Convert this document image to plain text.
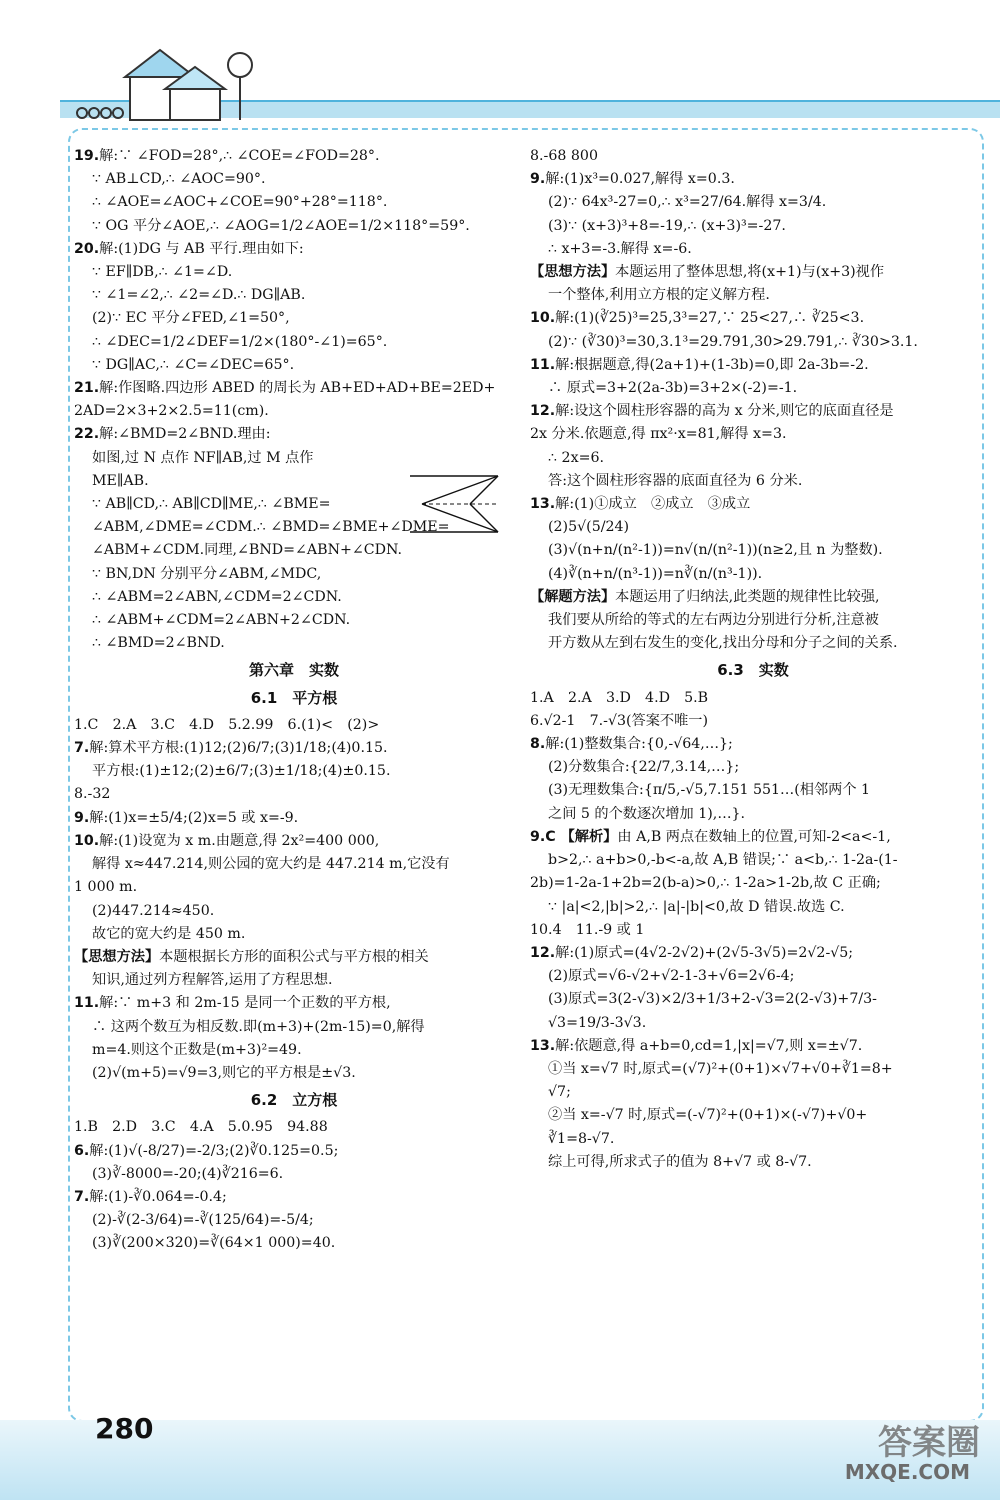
19.解:∵ ∠FOD=28°,∴ ∠COE=∠FOD=28°.
∵ AB⊥CD,∴ ∠AOC=90°.
∴ ∠AOE=∠AOC+∠COE=90°+28°=118°.
∵ OG 平分∠AOE,∴ ∠AOG=1/2∠AOE=1/2×118°=59°.
20.解:(1)DG 与 AB 平行.理由如下:
∵ EF∥DB,∴ ∠1=∠D.
∵ ∠1=∠2,∴ ∠2=∠D.∴ DG∥AB.
(2)∵ EC 平分∠FED,∠1=50°,
∴ ∠DEC=1/2∠DEF=1/2×(180°-∠1)=65°.
∵ DG∥AC,∴ ∠C=∠DEC=65°.
21.解:作图略.四边形 ABED 的周长为 AB+ED+AD+BE=2ED+
2AD=2×3+2×2.5=11(cm).
22.解:∠BMD=2∠BND.理由:
如图,过 N 点作 NF∥AB,过 M 点作
ME∥AB.
∵ AB∥CD,∴ AB∥CD∥ME,∴ ∠BME=
∠ABM,∠DME=∠CDM.∴ ∠BMD=∠BME+∠DME=
∠ABM+∠CDM.同理,∠BND=∠ABN+∠CDN.
∵ BN,DN 分别平分∠ABM,∠MDC,
∴ ∠ABM=2∠ABN,∠CDM=2∠CDN.
∴ ∠ABM+∠CDM=2∠ABN+2∠CDN.
∴ ∠BMD=2∠BND.
第六章　实数
6.1　平方根
1.C　2.A　3.C　4.D　5.2.99　6.(1)<　(2)>
7.解:算术平方根:(1)12;(2)6/7;(3)1/18;(4)0.15.
平方根:(1)±12;(2)±6/7;(3)±1/18;(4)±0.15.
8.-32
9.解:(1)x=±5/4;(2)x=5 或 x=-9.
10.解:(1)设宽为 x m.由题意,得 2x²=400 000,
解得 x≈447.214,则公园的宽大约是 447.214 m,它没有
1 000 m.
(2)447.214≈450.
故它的宽大约是 450 m.
【思想方法】本题根据长方形的面积公式与平方根的相关
知识,通过列方程解答,运用了方程思想.
11.解:∵ m+3 和 2m-15 是同一个正数的平方根,
∴ 这两个数互为相反数.即(m+3)+(2m-15)=0,解得
m=4.则这个正数是(m+3)²=49.
(2)√(m+5)=√9=3,则它的平方根是±√3.
6.2　立方根
1.B　2.D　3.C　4.A　5.0.95　94.88
6.解:(1)√(-8/27)=-2/3;(2)∛0.125=0.5;
(3)∛-8000=-20;(4)∛216=6.
7.解:(1)-∛0.064=-0.4;
(2)-∛(2-3/64)=-∛(125/64)=-5/4;
(3)∛(200×320)=∛(64×1 000)=40.
8.-68 800
9.解:(1)x³=0.027,解得 x=0.3.
(2)∵ 64x³-27=0,∴ x³=27/64.解得 x=3/4.
(3)∵ (x+3)³+8=-19,∴ (x+3)³=-27.
∴ x+3=-3.解得 x=-6.
【思想方法】本题运用了整体思想,将(x+1)与(x+3)视作
一个整体,利用立方根的定义解方程.
10.解:(1)(∛25)³=25,3³=27,∵ 25<27,∴ ∛25<3.
(2)∵ (∛30)³=30,3.1³=29.791,30>29.791,∴ ∛30>3.1.
11.解:根据题意,得(2a+1)+(1-3b)=0,即 2a-3b=-2.
∴ 原式=3+2(2a-3b)=3+2×(-2)=-1.
12.解:设这个圆柱形容器的高为 x 分米,则它的底面直径是
2x 分米.依题意,得 πx²·x=81,解得 x=3.
∴ 2x=6.
答:这个圆柱形容器的底面直径为 6 分米.
13.解:(1)①成立　②成立　③成立
(2)5√(5/24)
(3)√(n+n/(n²-1))=n√(n/(n²-1))(n≥2,且 n 为整数).
(4)∛(n+n/(n³-1))=n∛(n/(n³-1)).
【解题方法】本题运用了归纳法,此类题的规律性比较强,
我们要从所给的等式的左右两边分别进行分析,注意被
开方数从左到右发生的变化,找出分母和分子之间的关系.
6.3　实数
1.A　2.A　3.D　4.D　5.B
6.√2-1　7.-√3(答案不唯一)
8.解:(1)整数集合:{0,-√64,…};
(2)分数集合:{22/7,3.14,…};
(3)无理数集合:{π/5,-√5,7.151 551…(相邻两个 1
之间 5 的个数逐次增加 1),…}.
9.C 【解析】由 A,B 两点在数轴上的位置,可知-2<a<-1,
b>2,∴ a+b>0,-b<-a,故 A,B 错误;∵ a<b,∴ 1-2a-(1-
2b)=1-2a-1+2b=2(b-a)>0,∴ 1-2a>1-2b,故 C 正确;
∵ |a|<2,|b|>2,∴ |a|-|b|<0,故 D 错误.故选 C.
10.4　11.-9 或 1
12.解:(1)原式=(4√2-2√2)+(2√5-3√5)=2√2-√5;
(2)原式=√6-√2+√2-1-3+√6=2√6-4;
(3)原式=3(2-√3)×2/3+1/3+2-√3=2(2-√3)+7/3-
√3=19/3-3√3.
13.解:依题意,得 a+b=0,cd=1,|x|=√7,则 x=±√7.
①当 x=√7 时,原式=(√7)²+(0+1)×√7+√0+∛1=8+
√7;
②当 x=-√7 时,原式=(-√7)²+(0+1)×(-√7)+√0+
∛1=8-√7.
综上可得,所求式子的值为 8+√7 或 8-√7.
280	答案圈
MXQE.COM
